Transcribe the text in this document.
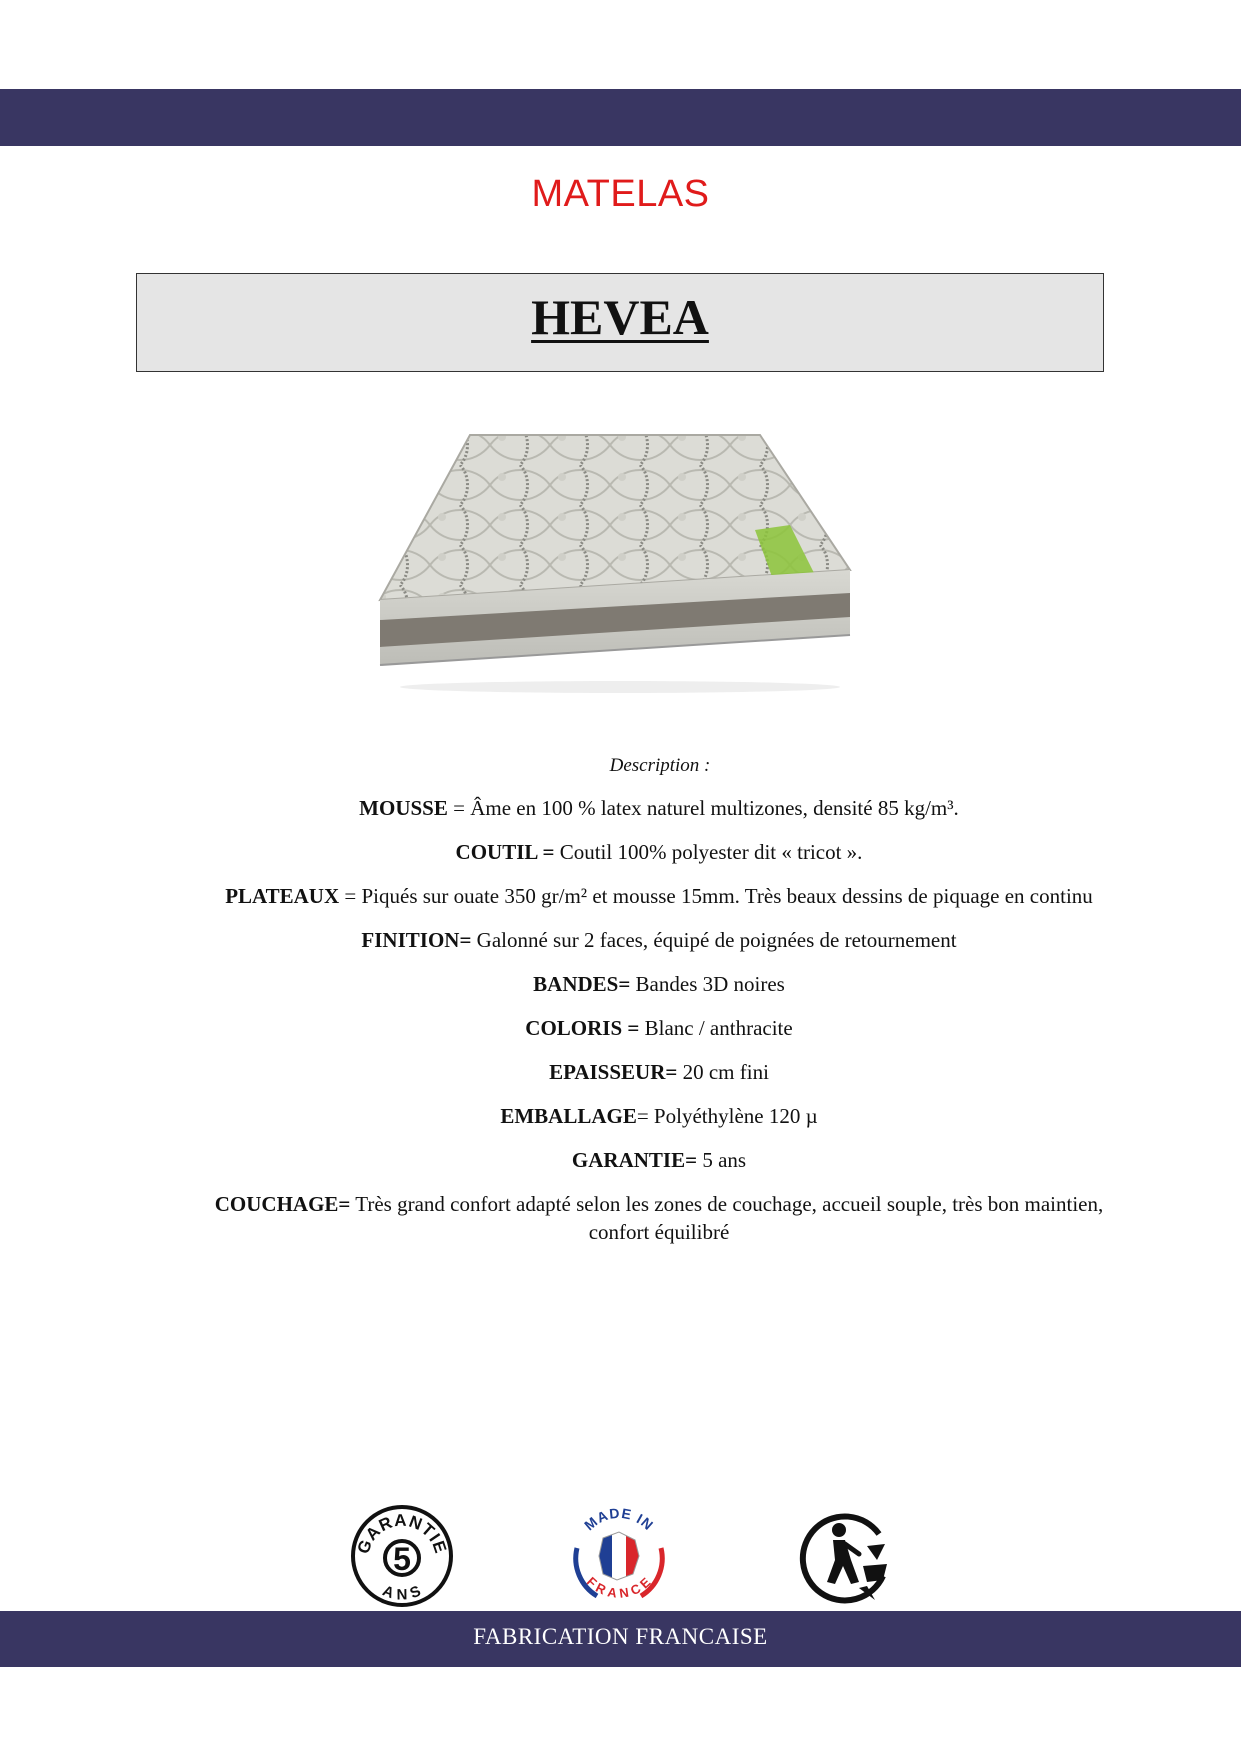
MATELAS
HEVEA
Description :

MOUSSE = Âme en 100 % latex naturel multizones, densité 85 kg/m³.

COUTIL = Coutil 100% polyester dit « tricot ».

PLATEAUX = Piqués sur ouate 350 gr/m² et mousse 15mm. Très beaux dessins de piquage en continu

FINITION= Galonné sur 2 faces, équipé de poignées de retournement

BANDES= Bandes 3D noires

COLORIS = Blanc / anthracite

EPAISSEUR= 20 cm fini

EMBALLAGE= Polyéthylène 120 µ

GARANTIE= 5 ans

COUCHAGE= Très grand confort adapté selon les zones de couchage, accueil souple, très bon maintien, confort équilibré

5
GARANTIE
ANS
MADE IN
FRANCE
FABRICATION FRANCAISE
